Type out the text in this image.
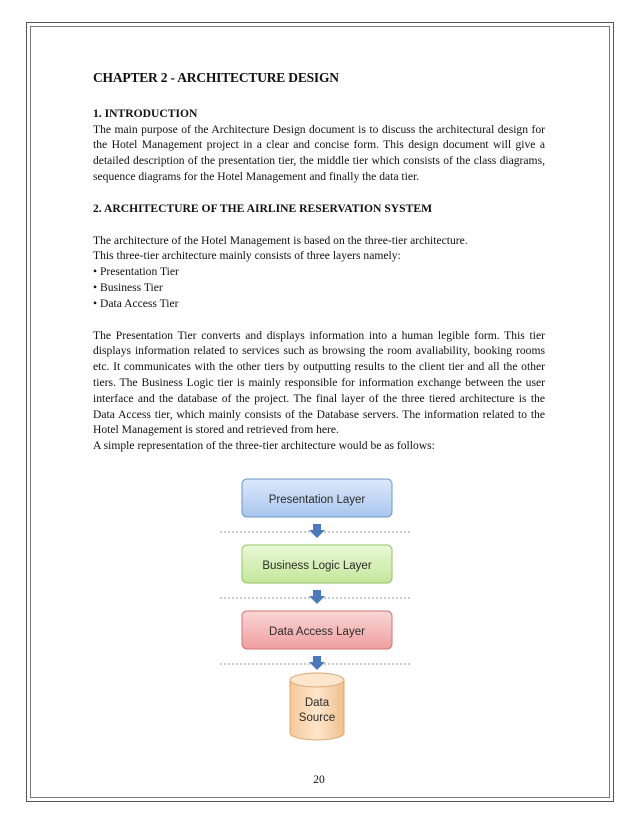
CHAPTER 2 - ARCHITECTURE DESIGN
1. INTRODUCTION

The main purpose of the Architecture Design document is to discuss the architectural design for the Hotel Management project in a clear and concise form. This design document will give a detailed description of the presentation tier, the middle tier which consists of the class diagrams, sequence diagrams for the Hotel Management and finally the data tier.

2. ARCHITECTURE OF THE AIRLINE RESERVATION SYSTEM

The architecture of the Hotel Management is based on the three-tier architecture.

This three-tier architecture mainly consists of three layers namely:

• Presentation Tier
• Business Tier
• Data Access Tier

The Presentation Tier converts and displays information into a human legible form. This tier displays information related to services such as browsing the room avaliability, booking rooms etc. It communicates with the other tiers by outputting results to the client tier and all the other tiers. The Business Logic tier is mainly responsible for information exchange between the user interface and the database of the project. The final layer of the three tiered architecture is the Data Access tier, which mainly consists of the Database servers. The information related to the Hotel Management is stored and retrieved from here.

A simple representation of the three-tier architecture would be as follows:

Presentation Layer
Business Logic Layer
Data Access Layer
Data
Source
20
